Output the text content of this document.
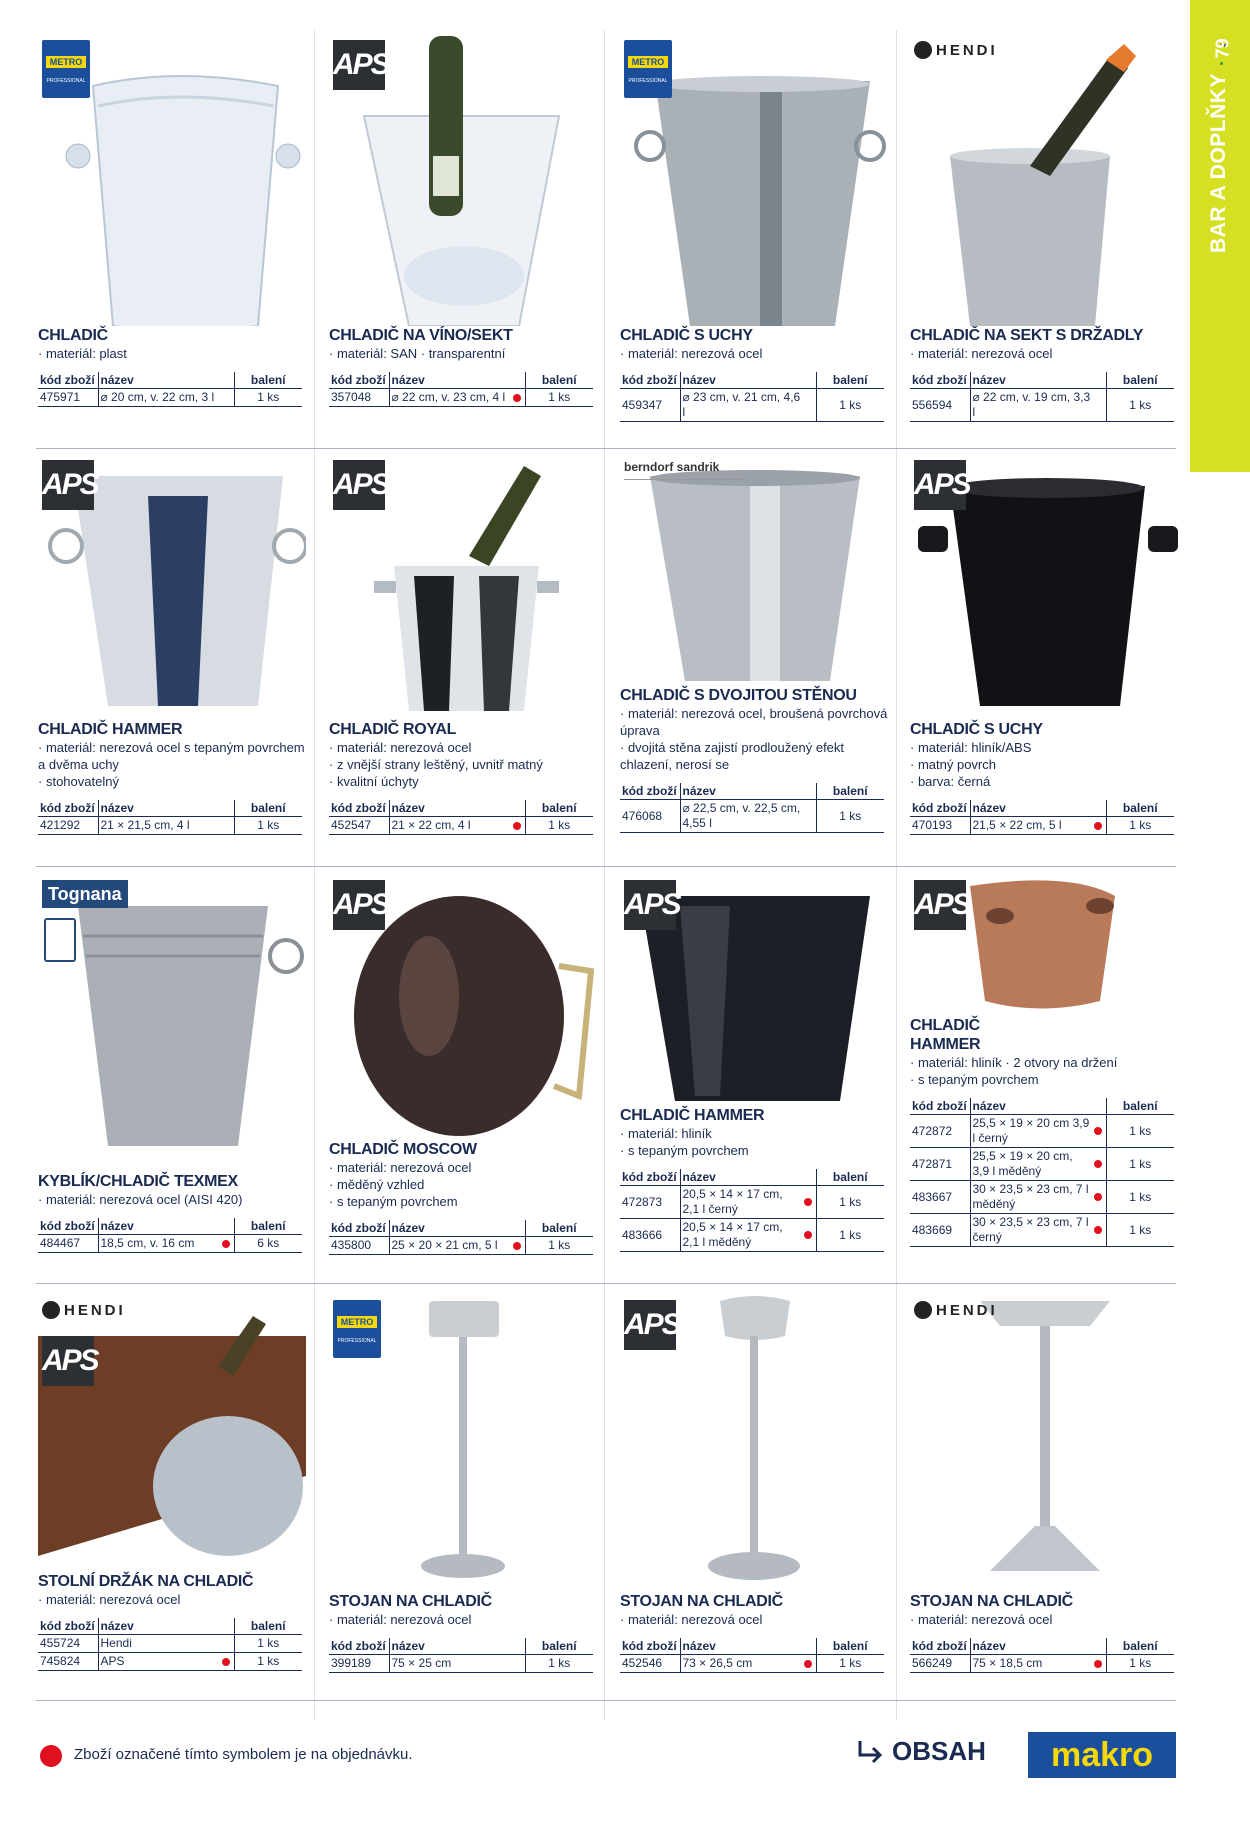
79
BAR A DOPLŇKY
METRO
PROFESSIONAL
CHLADIČ
· materiál: plast
kód zboží	název	balení
475971	⌀ 20 cm, v. 22 cm, 3 l	1 ks
APS
CHLADIČ NA VÍNO/SEKT
· materiál: SAN · transparentní
kód zboží	název	balení
357048	⌀ 22 cm, v. 23 cm, 4 l	1 ks
METRO
PROFESSIONAL
CHLADIČ S UCHY
· materiál: nerezová ocel
kód zboží	název	balení
459347	⌀ 23 cm, v. 21 cm, 4,6 l	1 ks
HENDI
CHLADIČ NA SEKT S DRŽADLY
· materiál: nerezová ocel
kód zboží	název	balení
556594	⌀ 22 cm, v. 19 cm, 3,3 l	1 ks
APS
CHLADIČ HAMMER
· materiál: nerezová ocel s tepaným povrchem a dvěma uchy
· stohovatelný
kód zboží	název	balení
421292	21 × 21,5 cm, 4 l	1 ks
APS
CHLADIČ ROYAL
· materiál: nerezová ocel
· z vnější strany leštěný, uvnitř matný
· kvalitní úchyty
kód zboží	název	balení
452547	21 × 22 cm, 4 l	1 ks
berndorf sandrik
CHLADIČ S DVOJITOU STĚNOU
· materiál: nerezová ocel, broušená povrchová úprava
· dvojitá stěna zajistí prodloužený efekt chlazení, nerosí se
kód zboží	název	balení
476068	⌀ 22,5 cm, v. 22,5 cm, 4,55 l	1 ks
APS
CHLADIČ S UCHY
· materiál: hliník/ABS
· matný povrch
· barva: černá
kód zboží	název	balení
470193	21,5 × 22 cm, 5 l	1 ks
Tognana
KYBLÍK/CHLADIČ TEXMEX
· materiál: nerezová ocel (AISI 420)
kód zboží	název	balení
484467	18,5 cm, v. 16 cm	6 ks
APS
CHLADIČ MOSCOW
· materiál: nerezová ocel
· měděný vzhled
· s tepaným povrchem
kód zboží	název	balení
435800	25 × 20 × 21 cm, 5 l	1 ks
APS
CHLADIČ HAMMER
· materiál: hliník
· s tepaným povrchem
kód zboží	název	balení
472873	20,5 × 14 × 17 cm, 2,1 l černý	1 ks
483666	20,5 × 14 × 17 cm, 2,1 l měděný	1 ks
APS
CHLADIČ HAMMER
· materiál: hliník · 2 otvory na držení
· s tepaným povrchem
kód zboží	název	balení
472872	25,5 × 19 × 20 cm 3,9 l černý	1 ks
472871	25,5 × 19 × 20 cm, 3,9 l měděný	1 ks
483667	30 × 23,5 × 23 cm, 7 l měděný	1 ks
483669	30 × 23,5 × 23 cm, 7 l černý	1 ks
HENDI
APS
STOLNÍ DRŽÁK NA CHLADIČ
· materiál: nerezová ocel
kód zboží	název	balení
455724	Hendi	1 ks
745824	APS	1 ks
METRO
PROFESSIONAL
STOJAN NA CHLADIČ
· materiál: nerezová ocel
kód zboží	název	balení
399189	75 × 25 cm	1 ks
APS
STOJAN NA CHLADIČ
· materiál: nerezová ocel
kód zboží	název	balení
452546	73 × 26,5 cm	1 ks
HENDI
STOJAN NA CHLADIČ
· materiál: nerezová ocel
kód zboží	název	balení
566249	75 × 18,5 cm	1 ks
Zboží označené tímto symbolem je na objednávku.	OBSAH	makro
